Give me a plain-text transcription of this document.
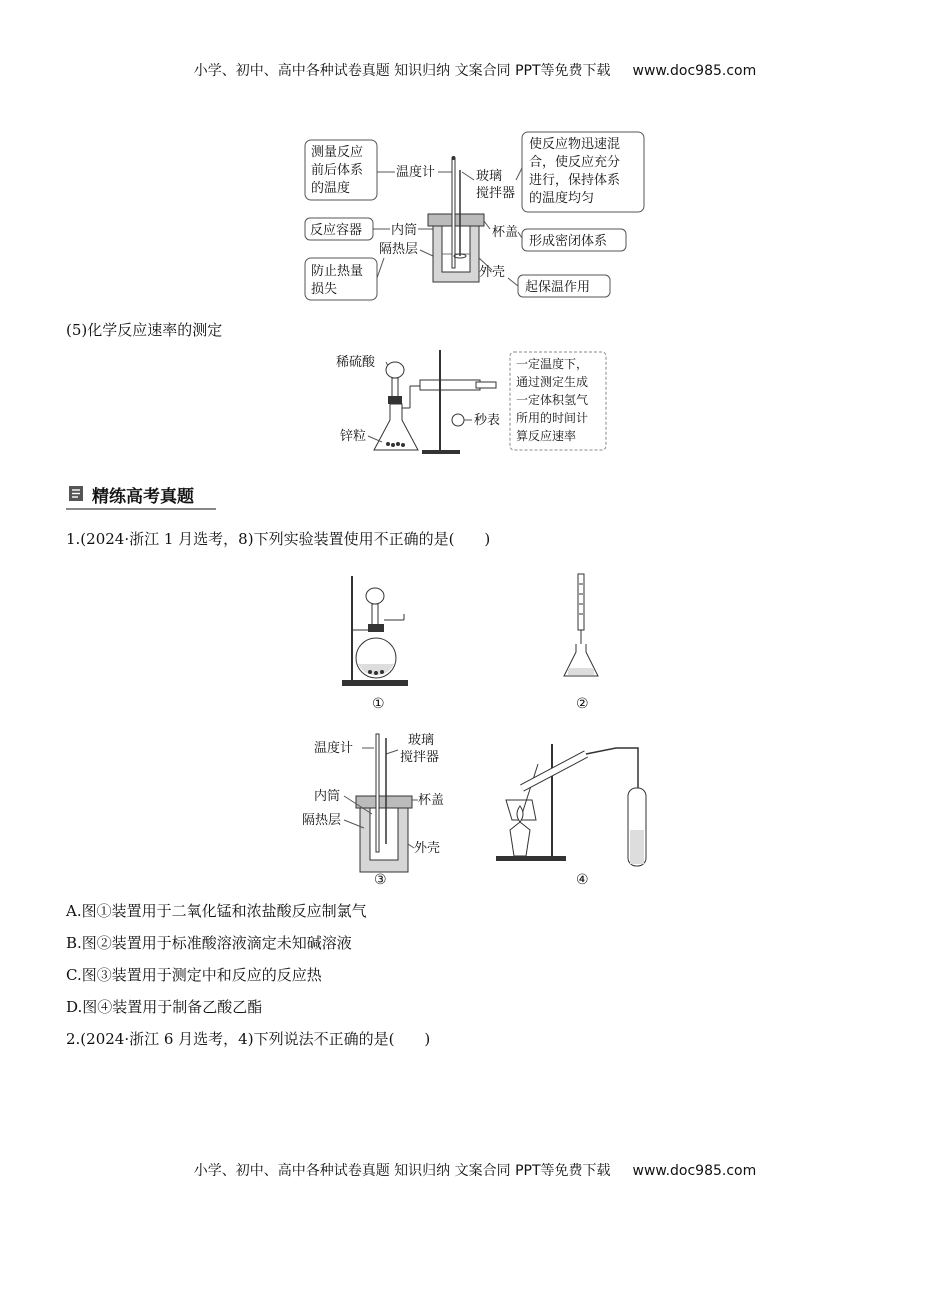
小学、初中、高中各种试卷真题 知识归纳 文案合同 PPT等免费下载 www.doc985.com
测量反应
前后体系
的温度
温度计
反应容器 内筒
隔热层
防止热量
损失
玻璃
搅拌器
使反应物迅速混
合，使反应充分
进行，保持体系
的温度均匀
杯盖
形成密闭体系
外壳
起保温作用
(5)化学反应速率的测定
稀硫酸
秒表
锌粒
一定温度下，
通过测定生成
一定体积氢气
所用的时间计
算反应速率
精练高考真题
1.(2024·浙江 1 月选考，8)下列实验装置使用不正确的是(　　)
①	②
温度计
玻璃
搅拌器
内筒	杯盖
隔热层
外壳
③	④
A.图①装置用于二氧化锰和浓盐酸反应制氯气
B.图②装置用于标准酸溶液滴定未知碱溶液
C.图③装置用于测定中和反应的反应热
D.图④装置用于制备乙酸乙酯
2.(2024·浙江 6 月选考，4)下列说法不正确的是(　　)
小学、初中、高中各种试卷真题 知识归纳 文案合同 PPT等免费下载 www.doc985.com
